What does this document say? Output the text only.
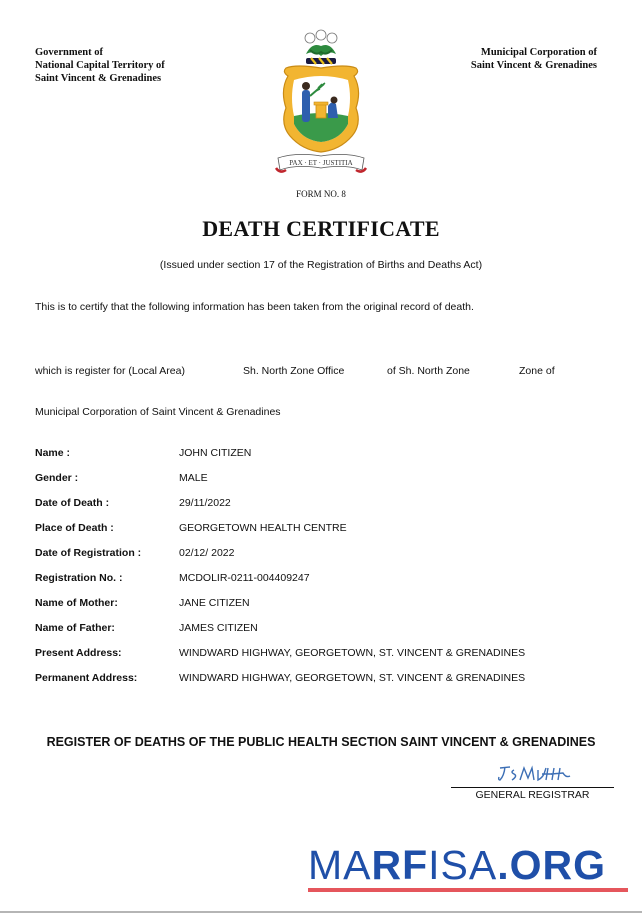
Government of
National Capital Territory of
Saint Vincent & Grenadines
PAX · ET · JUSTITIA
Municipal Corporation of
Saint Vincent & Grenadines
FORM NO. 8
DEATH CERTIFICATE
(Issued under section 17 of the Registration of Births and Deaths Act)
This is to certify that the following information has been taken from the original record of death.
which is register for (Local Area)	Sh. North Zone Office	of Sh. North Zone	Zone of
Municipal Corporation of Saint Vincent & Grenadines
Name :	JOHN CITIZEN
Gender :	MALE
Date of Death :	29/11/2022
Place of Death :	GEORGETOWN HEALTH CENTRE
Date of Registration :	02/12/ 2022
Registration No. :	MCDOLIR-0211-004409247
Name of Mother:	JANE CITIZEN
Name of Father:	JAMES CITIZEN
Present Address:	WINDWARD HIGHWAY, GEORGETOWN, ST. VINCENT & GRENADINES
Permanent Address:	WINDWARD HIGHWAY, GEORGETOWN, ST. VINCENT & GRENADINES
REGISTER OF DEATHS OF THE PUBLIC HEALTH SECTION SAINT VINCENT & GRENADINES
GENERAL REGISTRAR
MARFISA.ORG
